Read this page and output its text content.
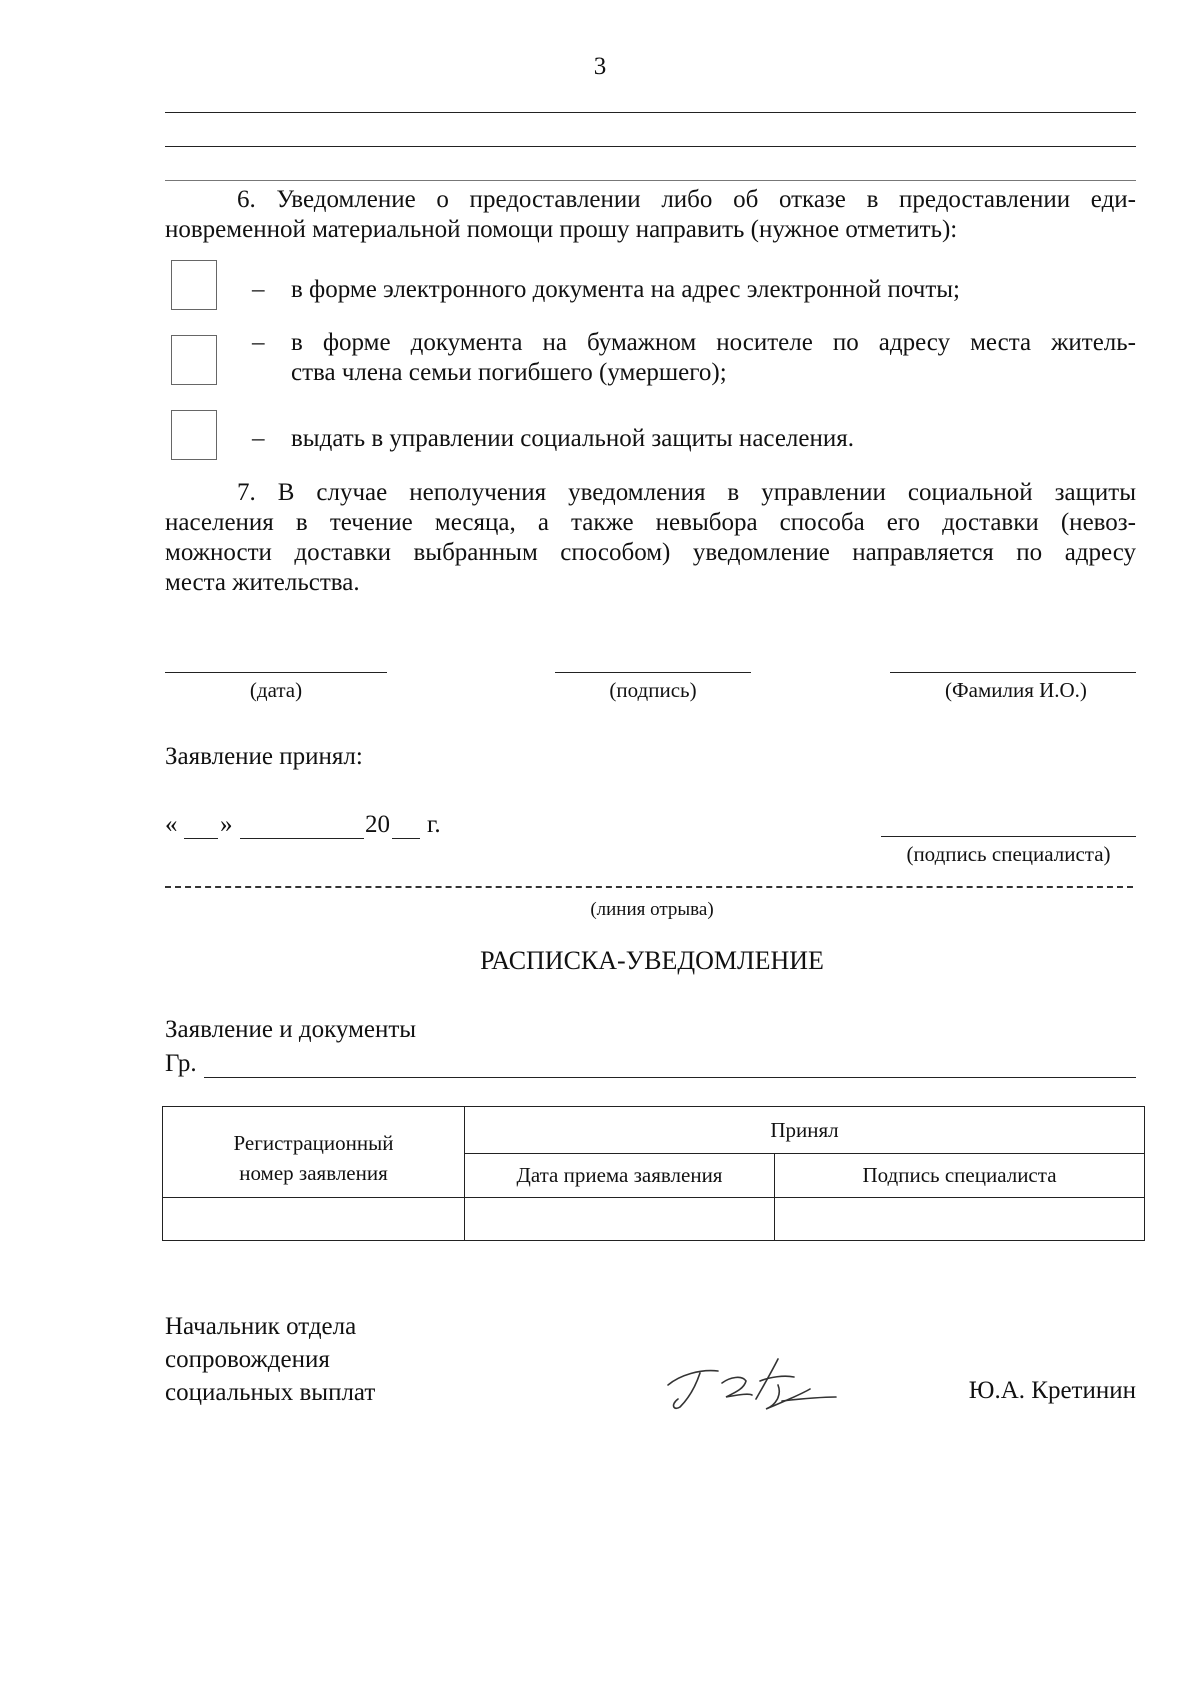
3
6. Уведомление о предоставлении либо об отказе в предоставлении еди-
новременной материальной помощи прошу направить (нужное отметить):
– в форме электронного документа на адрес электронной почты;
– в форме документа на бумажном носителе по адресу места житель-
ства члена семьи погибшего (умершего);
– выдать в управлении социальной защиты населения.
7. В случае неполучения уведомления в управлении социальной защиты
населения в течение месяца, а также невыбора способа его доставки (невоз-
можности доставки выбранным способом) уведомление направляется по адресу
места жительства.
(дата)	(подпись)	(Фамилия И.О.)
Заявление принял:
« »	20 г.
(подпись специалиста)
(линия отрыва)
РАСПИСКА-УВЕДОМЛЕНИЕ
Заявление и документы
Гр.
Регистрационный номер заявления	Принял	
	Дата приема заявления	Подпись специалиста

Начальник отдела
сопровождения
социальных выплат	Ю.А. Кретинин
